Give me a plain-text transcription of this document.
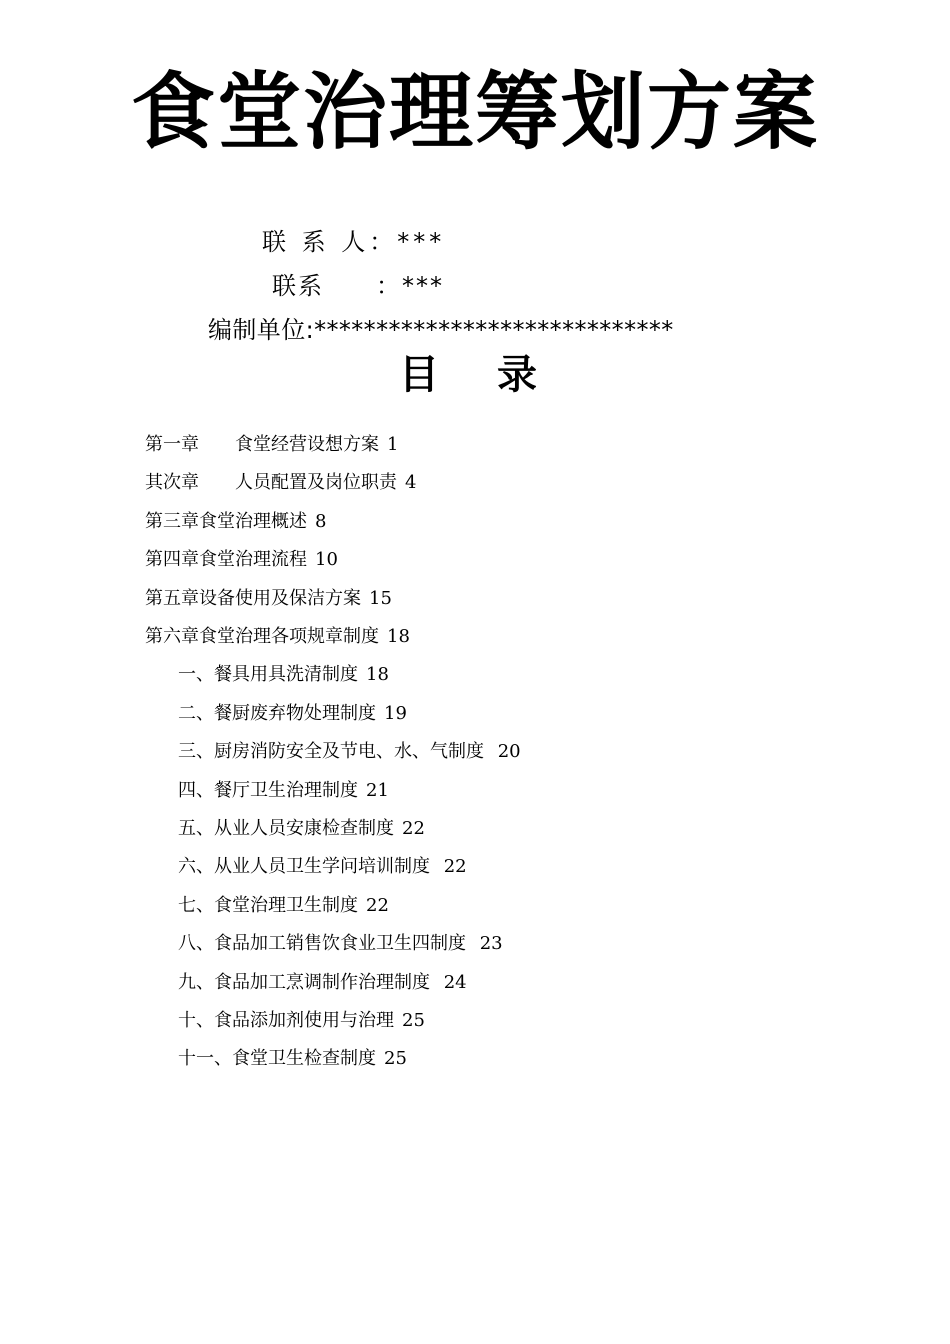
食堂治理筹划方案

联 系 人：***

联系　　：***

编制单位:*****************************

目 录
第一章　　食堂经营设想方案 1
其次章　　人员配置及岗位职责 4
第三章食堂治理概述 8
第四章食堂治理流程 10
第五章设备使用及保洁方案 15
第六章食堂治理各项规章制度 18
一、餐具用具洗清制度 18
二、餐厨废弃物处理制度 19
三、厨房消防安全及节电、水、气制度 20
四、餐厅卫生治理制度 21
五、从业人员安康检查制度 22
六、从业人员卫生学问培训制度 22
七、食堂治理卫生制度 22
八、食品加工销售饮食业卫生四制度 23
九、食品加工烹调制作治理制度 24
十、食品添加剂使用与治理 25
十一、食堂卫生检查制度 25
